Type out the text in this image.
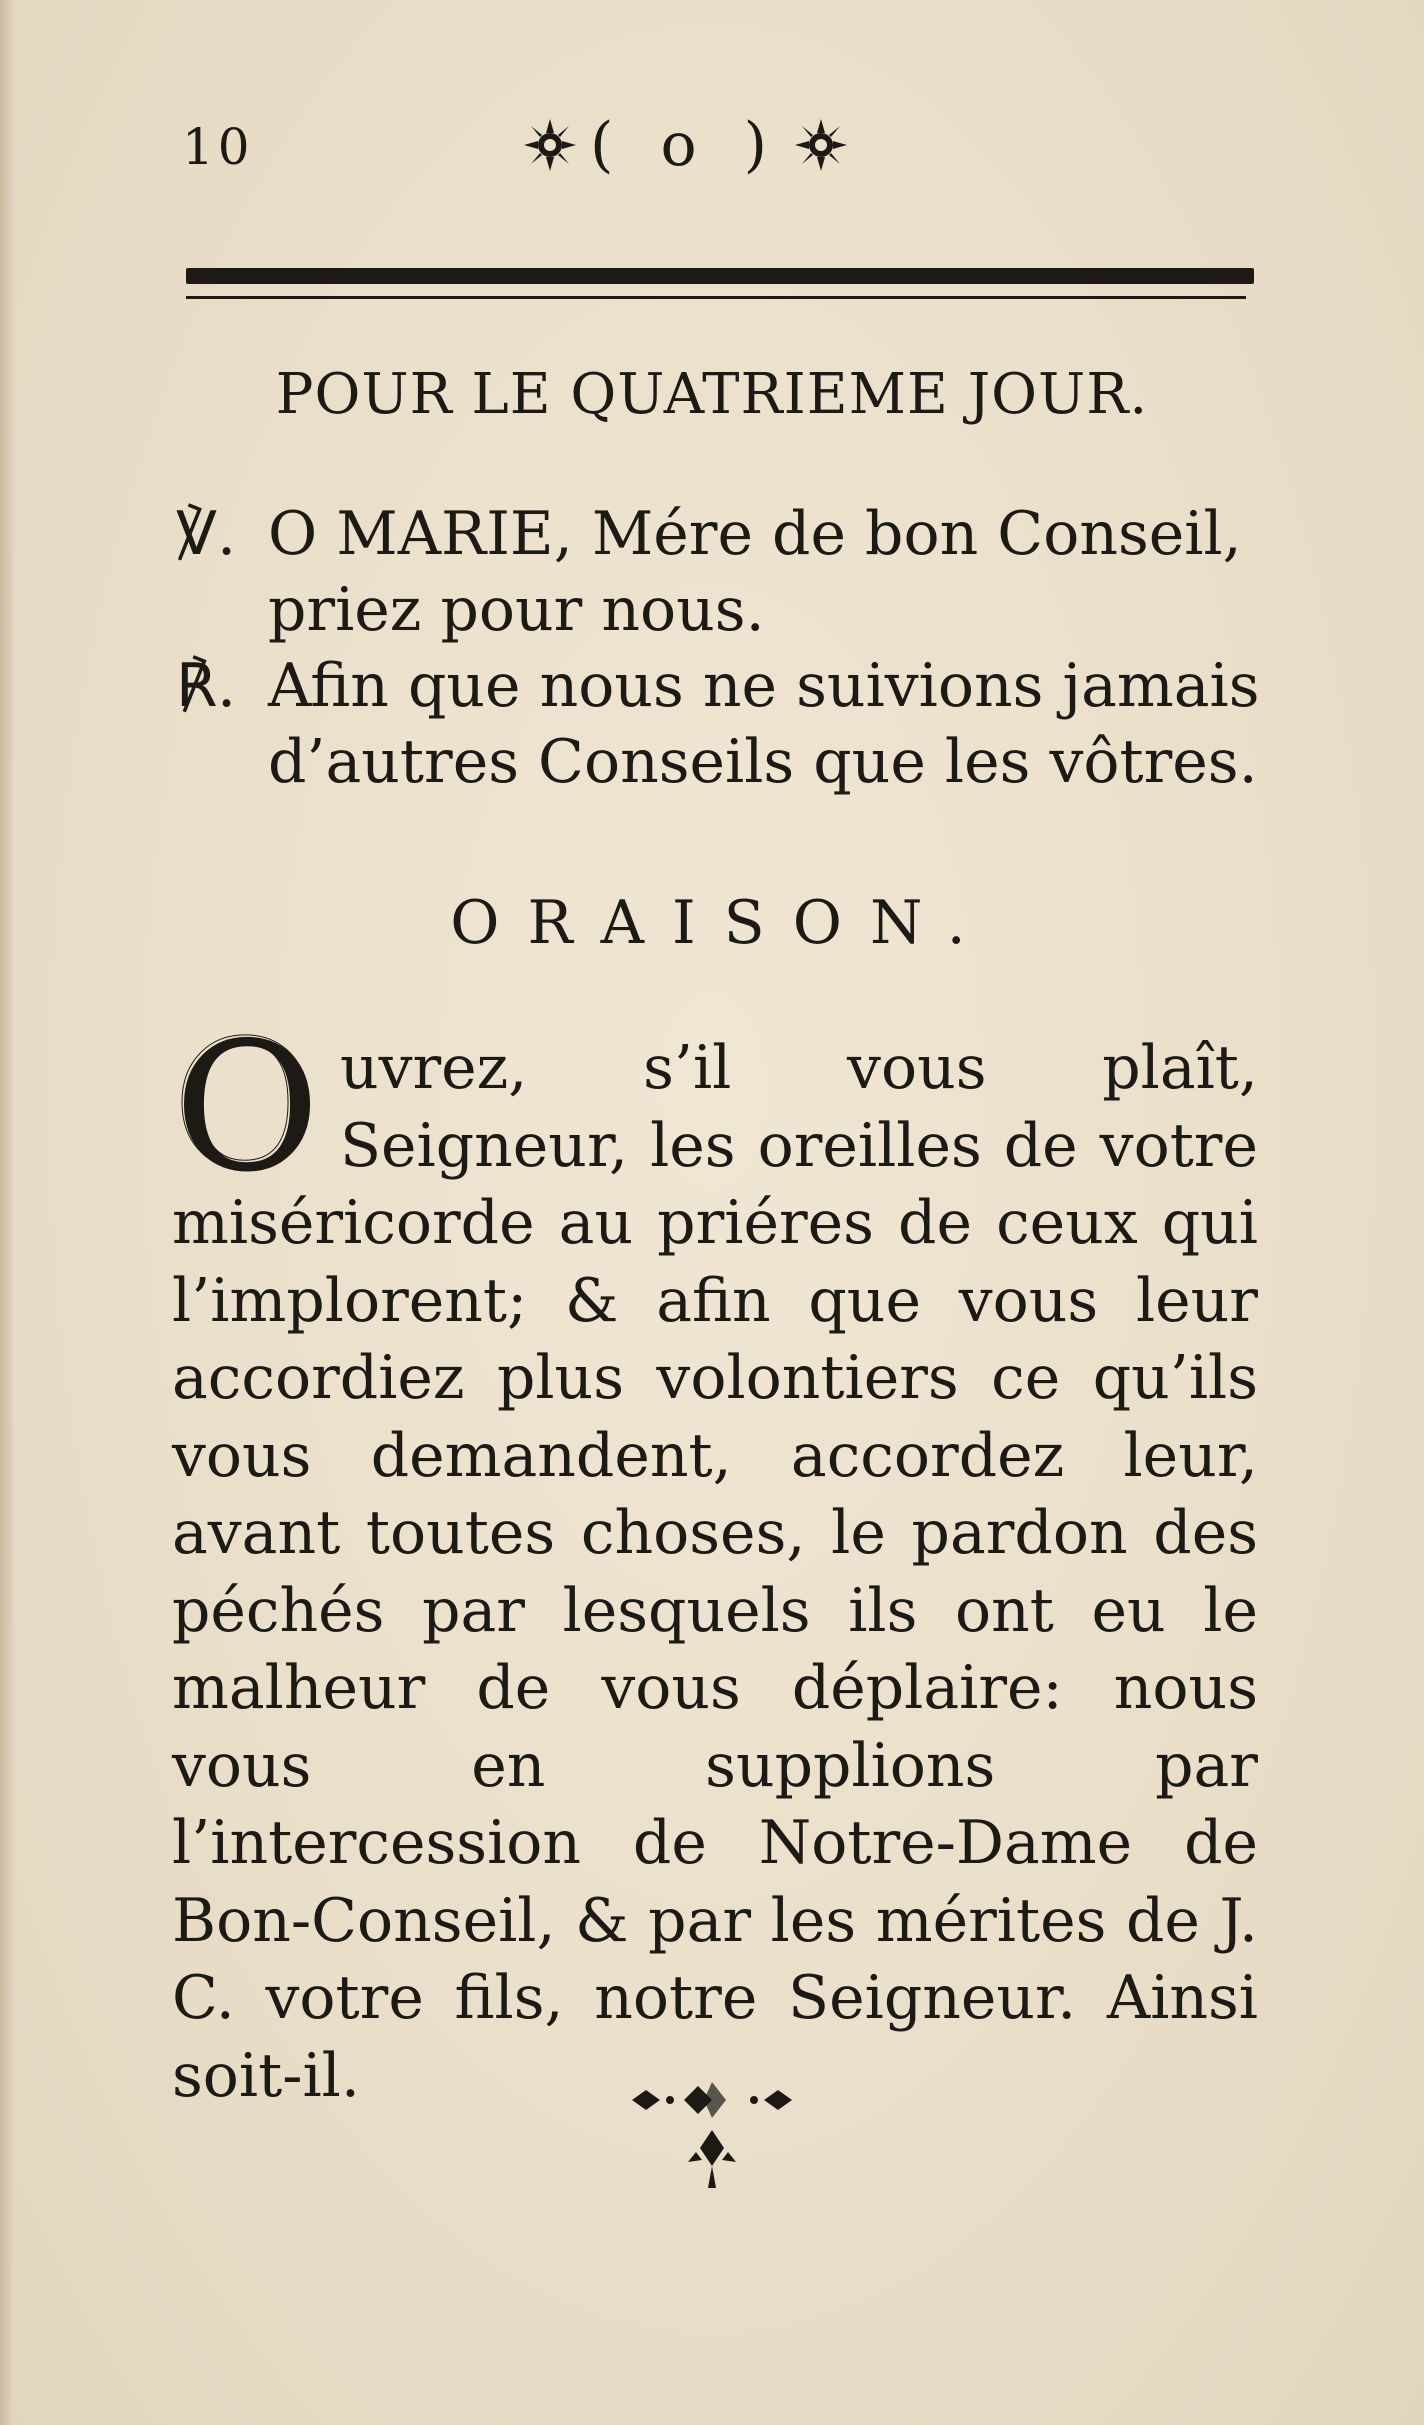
10	( o )
POUR LE QUATRIEME JOUR.
℣. O MARIE, Mére de bon Conseil, priez pour nous.
℟. Afin que nous ne suivions jamais d’autres Conseils que les vôtres.
ORAISON.
Ouvrez, s’il vous plaît, Seigneur, les oreilles de votre miséricorde au priéres de ceux qui l’implorent; & afin que vous leur accordiez plus volontiers ce qu’ils vous demandent, accordez leur, avant toutes choses, le pardon des péchés par lesquels ils ont eu le malheur de vous déplaire: nous vous en supplions par l’intercession de Notre-Dame de Bon-Conseil, & par les mérites de J. C. votre fils, notre Seigneur. Ainsi soit-il.
